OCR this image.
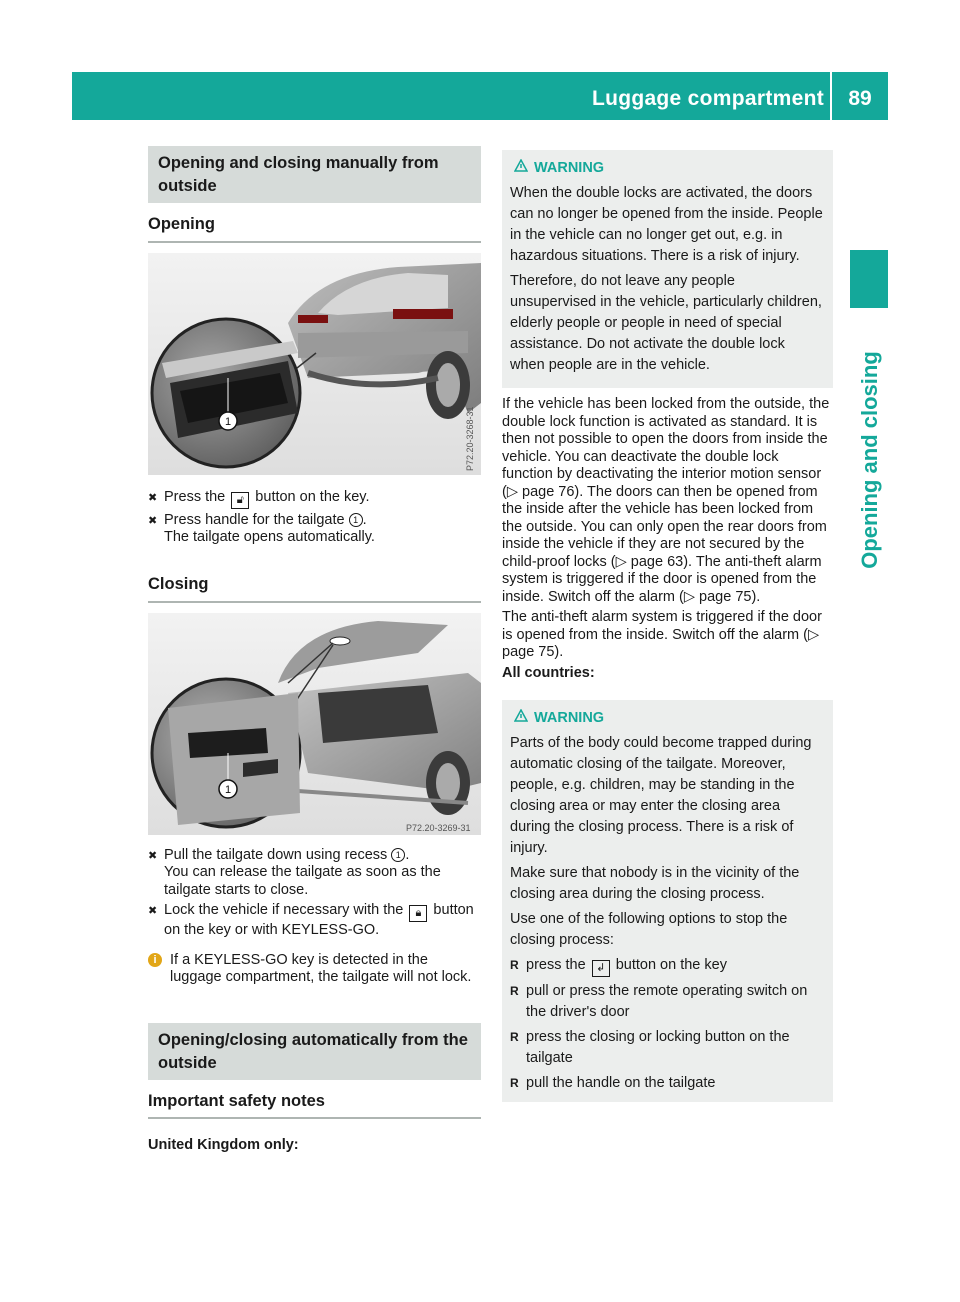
Luggage compartment	89
Opening and closing
Opening and closing manually from outside
Opening
1	P72.20-3268-31
✖ Press the 🔓︎ button on the key.
✖ Press handle for the tailgate 1 .
The tailgate opens automatically.
Closing
1
P72.20-3269-31
✖ Pull the tailgate down using recess 1 .
You can release the tailgate as soon as the tailgate starts to close.
✖ Lock the vehicle if necessary with the 🔒︎ button on the key or with KEYLESS-GO.
i If a KEYLESS-GO key is detected in the luggage compartment, the tailgate will not lock.
Opening/closing automatically from the outside
Important safety notes
United Kingdom only:
WARNING
When the double locks are activated, the doors can no longer be opened from the inside. People in the vehicle can no longer get out, e.g. in hazardous situations. There is a risk of injury.
Therefore, do not leave any people unsupervised in the vehicle, particularly children, elderly people or people in need of special assistance. Do not activate the double lock when people are in the vehicle.
If the vehicle has been locked from the outside, the double lock function is activated as standard. It is then not possible to open the doors from inside the vehicle. You can deactivate the double lock function by deactivating the interior motion sensor (▷ page 76). The doors can then be opened from the inside after the vehicle has been locked from the outside. You can only open the rear doors from inside the vehicle if they are not secured by the child-proof locks (▷ page 63). The anti-theft alarm system is triggered if the door is opened from the inside. Switch off the alarm (▷ page 75).
The anti-theft alarm system is triggered if the door is opened from the inside. Switch off the alarm (▷ page 75).
All countries:
WARNING
Parts of the body could become trapped during automatic closing of the tailgate. Moreover, people, e.g. children, may be standing in the closing area or may enter the closing area during the closing process. There is a risk of injury.
Make sure that nobody is in the vicinity of the closing area during the closing process.
Use one of the following options to stop the closing process:
R press the ↲ button on the key
R pull or press the remote operating switch on the driver's door
R press the closing or locking button on the tailgate
R pull the handle on the tailgate
